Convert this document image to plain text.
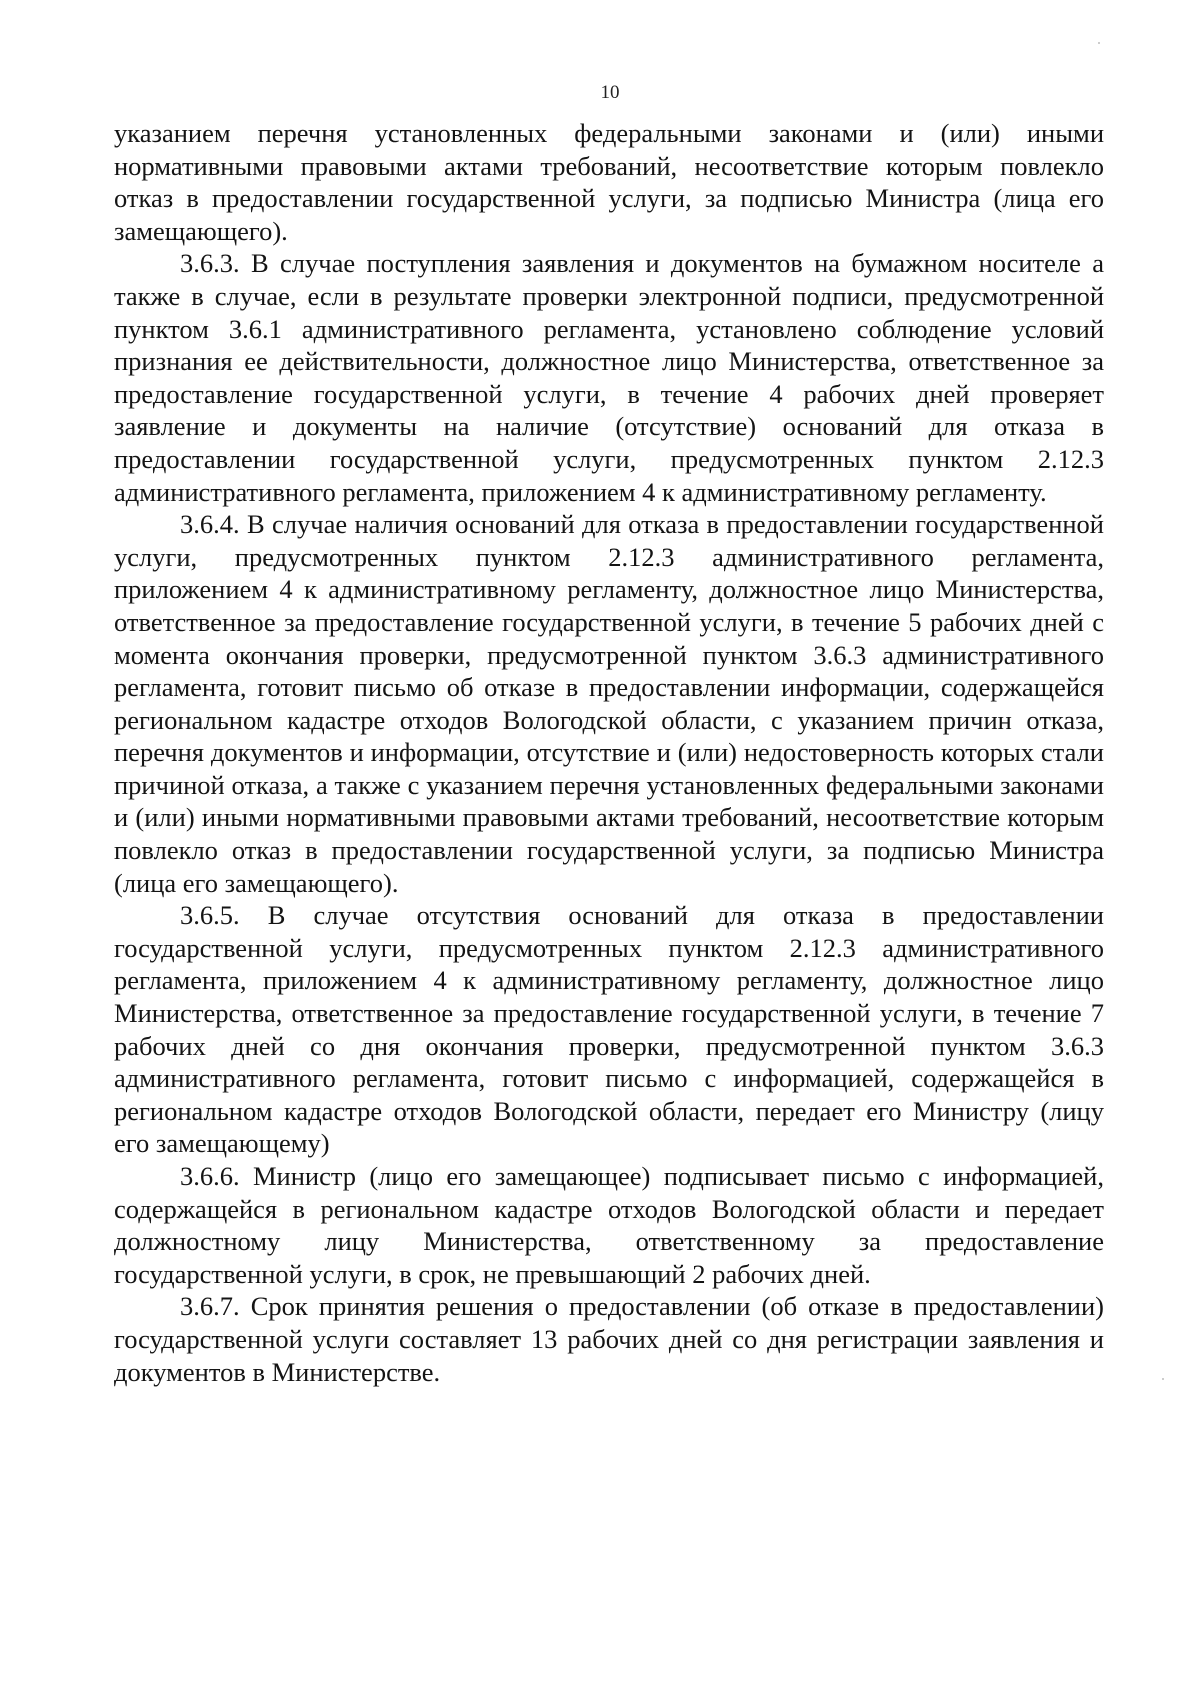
10

указанием перечня установленных федеральными законами и (или) иными нормативными правовыми актами требований, несоответствие которым повлекло отказ в предоставлении государственной услуги, за подписью Министра (лица его замещающего).

3.6.3. В случае поступления заявления и документов на бумажном носителе а также в случае, если в результате проверки электронной подписи, предусмотренной пунктом 3.6.1 административного регламента, установлено соблюдение условий признания ее действительности, должностное лицо Министерства, ответственное за предоставление государственной услуги, в течение 4 рабочих дней проверяет заявление и документы на наличие (отсутствие) оснований для отказа в предоставлении государственной услуги, предусмотренных пунктом 2.12.3 административного регламента, приложением 4 к административному регламенту.

3.6.4. В случае наличия оснований для отказа в предоставлении государственной услуги, предусмотренных пунктом 2.12.3 административного регламента, приложением 4 к административному регламенту, должностное лицо Министерства, ответственное за предоставление государственной услуги, в течение 5 рабочих дней с момента окончания проверки, предусмотренной пунктом 3.6.3 административного регламента, готовит письмо об отказе в предоставлении информации, содержащейся региональном кадастре отходов Вологодской области, с указанием причин отказа, перечня документов и информации, отсутствие и (или) недостоверность которых стали причиной отказа, а также с указанием перечня установленных федеральными законами и (или) иными нормативными правовыми актами требований, несоответствие которым повлекло отказ в предоставлении государственной услуги, за подписью Министра (лица его замещающего).

3.6.5. В случае отсутствия оснований для отказа в предоставлении государственной услуги, предусмотренных пунктом 2.12.3 административного регламента, приложением 4 к административному регламенту, должностное лицо Министерства, ответственное за предоставление государственной услуги, в течение 7 рабочих дней со дня окончания проверки, предусмотренной пунктом 3.6.3 административного регламента, готовит письмо с информацией, содержащейся в региональном кадастре отходов Вологодской области, передает его Министру (лицу его замещающему)

3.6.6. Министр (лицо его замещающее) подписывает письмо с информацией, содержащейся в региональном кадастре отходов Вологодской области и передает должностному лицу Министерства, ответственному за предоставление государственной услуги, в срок, не превышающий 2 рабочих дней.

3.6.7. Срок принятия решения о предоставлении (об отказе в предоставлении) государственной услуги составляет 13 рабочих дней со дня регистрации заявления и документов в Министерстве.
